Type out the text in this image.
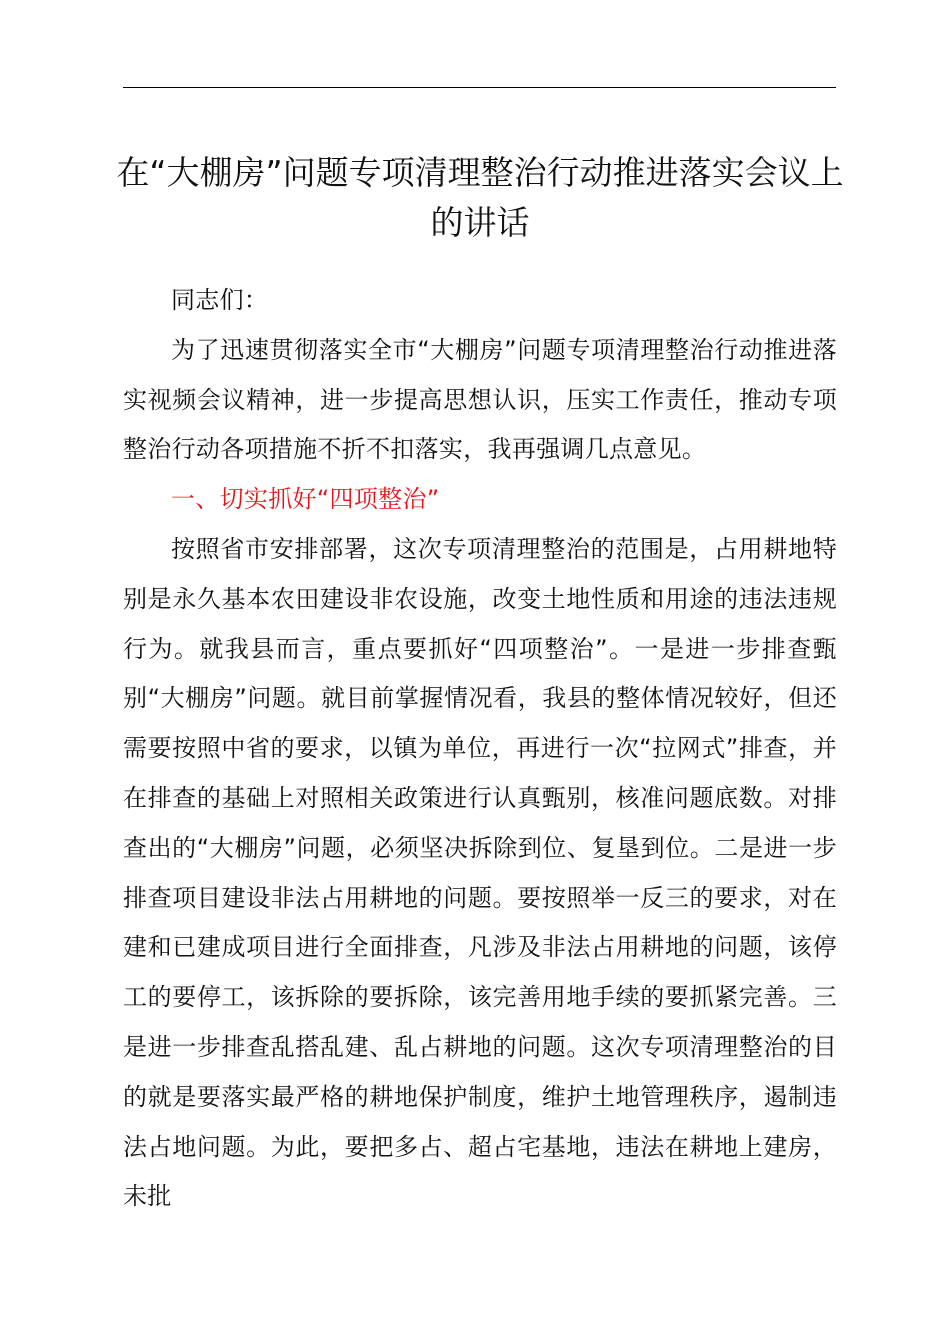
在“大棚房”问题专项清理整治行动推进落实会议上的讲话

同志们：

为了迅速贯彻落实全市“大棚房”问题专项清理整治行动推进落实视频会议精神，进一步提高思想认识，压实工作责任，推动专项整治行动各项措施不折不扣落实，我再强调几点意见。

一、切实抓好“四项整治”

按照省市安排部署，这次专项清理整治的范围是，占用耕地特别是永久基本农田建设非农设施，改变土地性质和用途的违法违规行为。就我县而言，重点要抓好“四项整治”。一是进一步排查甄别“大棚房”问题。就目前掌握情况看，我县的整体情况较好，但还需要按照中省的要求，以镇为单位，再进行一次“拉网式”排查，并在排查的基础上对照相关政策进行认真甄别，核准问题底数。对排查出的“大棚房”问题，必须坚决拆除到位、复垦到位。二是进一步排查项目建设非法占用耕地的问题。要按照举一反三的要求，对在建和已建成项目进行全面排查，凡涉及非法占用耕地的问题，该停工的要停工，该拆除的要拆除，该完善用地手续的要抓紧完善。三是进一步排查乱搭乱建、乱占耕地的问题。这次专项清理整治的目的就是要落实最严格的耕地保护制度，维护土地管理秩序，遏制违法占地问题。为此，要把多占、超占宅基地，违法在耕地上建房，未批
